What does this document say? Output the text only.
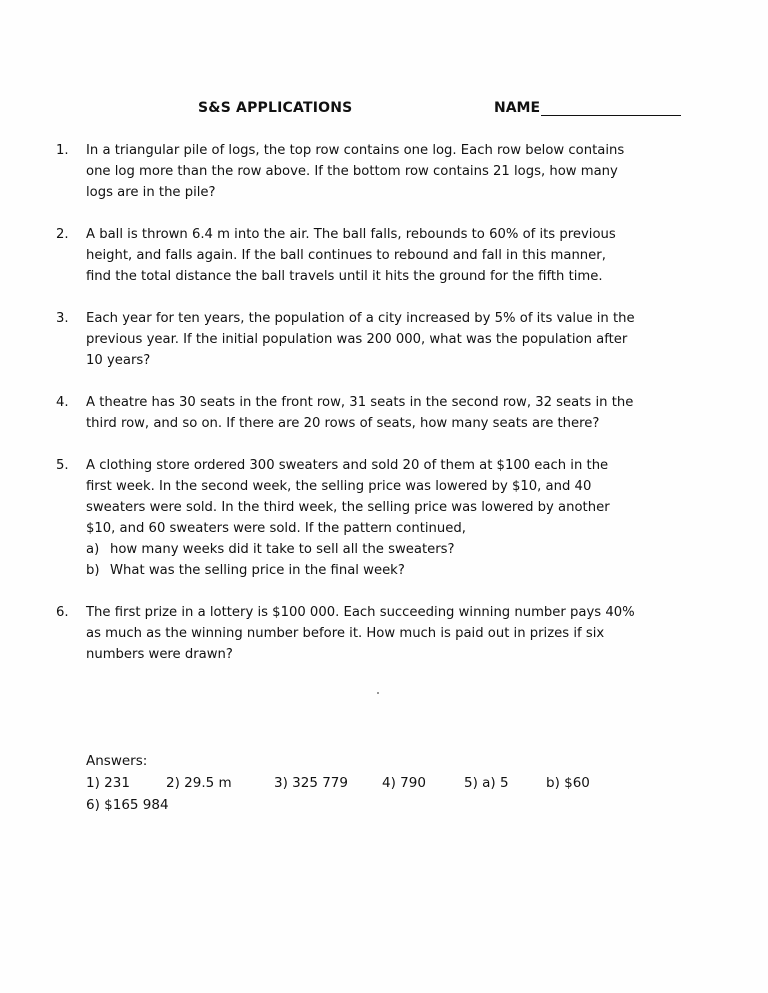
S&S APPLICATIONS	NAME
1.	In a triangular pile of logs, the top row contains one log. Each row below contains
one log more than the row above. If the bottom row contains 21 logs, how many
logs are in the pile?
2.	A ball is thrown 6.4 m into the air. The ball falls, rebounds to 60% of its previous
height, and falls again. If the ball continues to rebound and fall in this manner,
find the total distance the ball travels until it hits the ground for the fifth time.
3.	Each year for ten years, the population of a city increased by 5% of its value in the
previous year. If the initial population was 200 000, what was the population after
10 years?
4.	A theatre has 30 seats in the front row, 31 seats in the second row, 32 seats in the
third row, and so on. If there are 20 rows of seats, how many seats are there?
5.	A clothing store ordered 300 sweaters and sold 20 of them at $100 each in the
first week. In the second week, the selling price was lowered by $10, and 40
sweaters were sold. In the third week, the selling price was lowered by another
$10, and 60 sweaters were sold. If the pattern continued,
a) how many weeks did it take to sell all the sweaters?
b) What was the selling price in the final week?
6.	The first prize in a lottery is $100 000. Each succeeding winning number pays 40%
as much as the winning number before it. How much is paid out in prizes if six
numbers were drawn?
Answers:
1) 231	2) 29.5 m	3) 325 779	4) 790	5) a) 5	b) $60
6) $165 984
